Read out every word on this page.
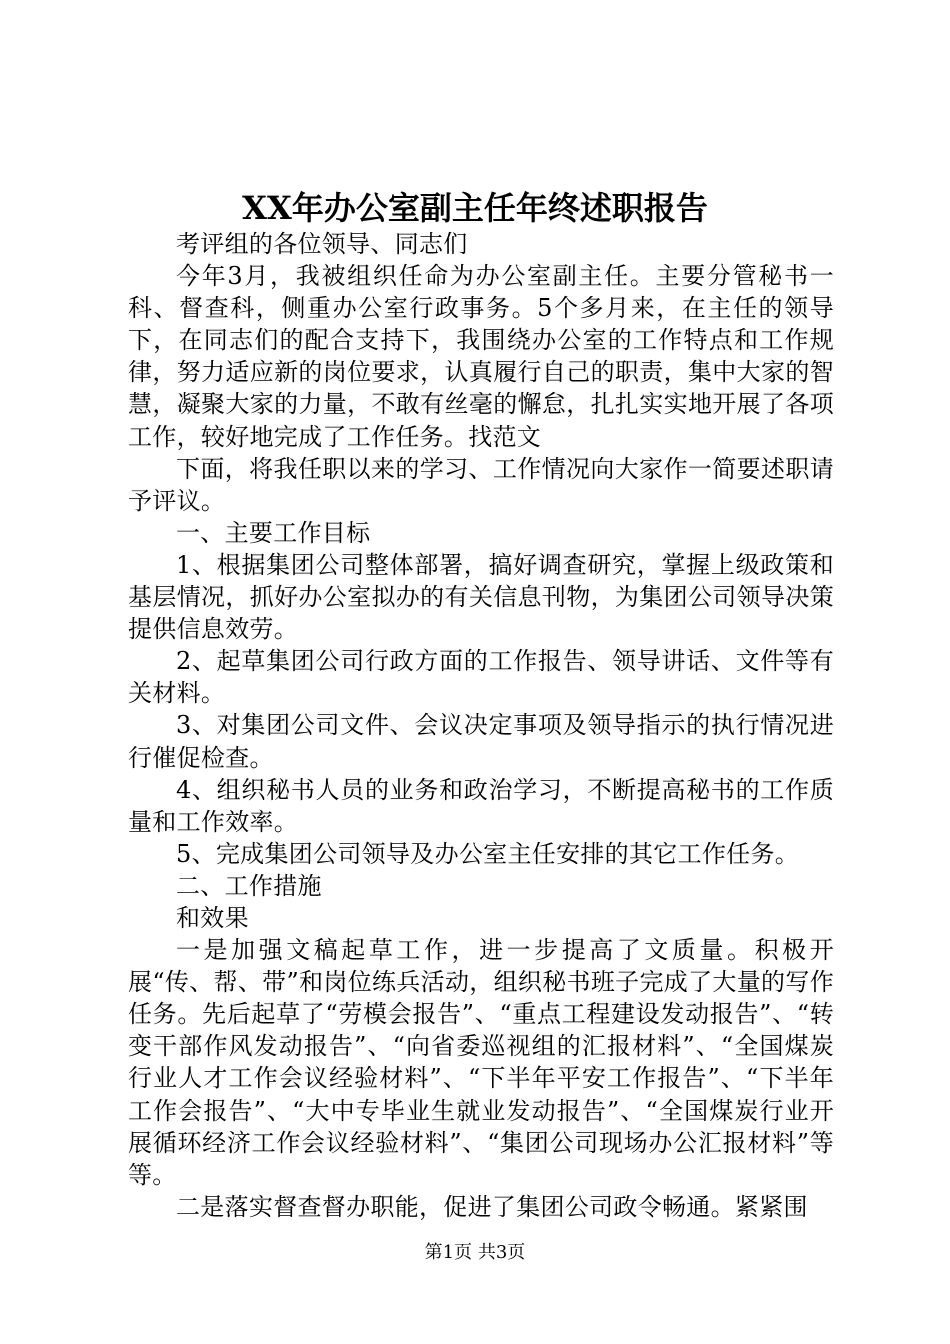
XX年办公室副主任年终述职报告

考评组的各位领导、同志们

今年3月，我被组织任命为办公室副主任。主要分管秘书一科、督查科，侧重办公室行政事务。5个多月来，在主任的领导下，在同志们的配合支持下，我围绕办公室的工作特点和工作规律，努力适应新的岗位要求，认真履行自己的职责，集中大家的智慧，凝聚大家的力量，不敢有丝毫的懈怠，扎扎实实地开展了各项工作，较好地完成了工作任务。找范文

下面，将我任职以来的学习、工作情况向大家作一简要述职请予评议。

一、主要工作目标

1、根据集团公司整体部署，搞好调查研究，掌握上级政策和基层情况，抓好办公室拟办的有关信息刊物，为集团公司领导决策提供信息效劳。

2、起草集团公司行政方面的工作报告、领导讲话、文件等有关材料。

3、对集团公司文件、会议决定事项及领导指示的执行情况进行催促检查。

4、组织秘书人员的业务和政治学习，不断提高秘书的工作质量和工作效率。

5、完成集团公司领导及办公室主任安排的其它工作任务。

二、工作措施

和效果

一是加强文稿起草工作，进一步提高了文质量。积极开展“传、帮、带”和岗位练兵活动，组织秘书班子完成了大量的写作任务。先后起草了“劳模会报告”、“重点工程建设发动报告”、“转变干部作风发动报告”、“向省委巡视组的汇报材料”、“全国煤炭行业人才工作会议经验材料”、“下半年平安工作报告”、“下半年工作会报告”、“大中专毕业生就业发动报告”、“全国煤炭行业开展循环经济工作会议经验材料”、“集团公司现场办公汇报材料”等等。

二是落实督查督办职能，促进了集团公司政令畅通。紧紧围

第1页 共3页
